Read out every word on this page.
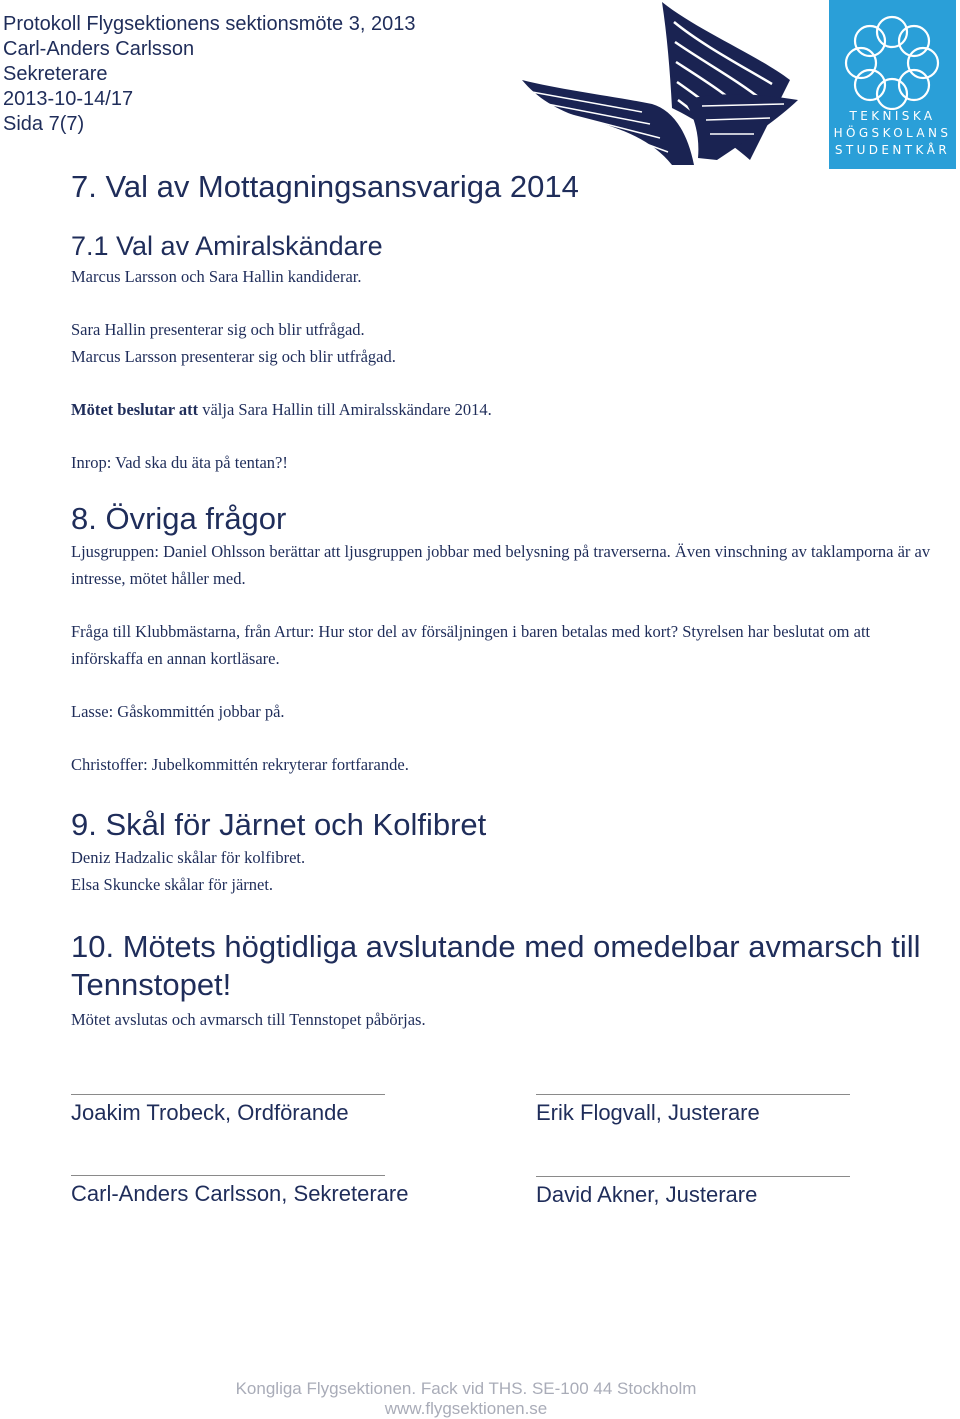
Protokoll Flygsektionens sektionsmöte 3, 2013
Carl-Anders Carlsson
Sekreterare
2013-10-14/17
Sida 7(7)	TEKNISKA
HÖGSKOLANS
STUDENTKÅR
7. Val av Mottagningsansvariga 2014
7.1 Val av Amiralskändare

Marcus Larsson och Sara Hallin kandiderar.

Sara Hallin presenterar sig och blir utfrågad.

Marcus Larsson presenterar sig och blir utfrågad.

Mötet beslutar att välja Sara Hallin till Amiralsskändare 2014.

Inrop: Vad ska du äta på tentan?!

8. Övriga frågor

Ljusgruppen: Daniel Ohlsson berättar att ljusgruppen jobbar med belysning på traverserna. Även vinschning av taklamporna är av intresse, mötet håller med.

Fråga till Klubbmästarna, från Artur: Hur stor del av försäljningen i baren betalas med kort? Styrelsen har beslutat om att införskaffa en annan kortläsare.

Lasse: Gåskommittén jobbar på.

Christoffer: Jubelkommittén rekryterar fortfarande.

9. Skål för Järnet och Kolfibret

Deniz Hadzalic skålar för kolfibret.

Elsa Skuncke skålar för järnet.

10. Mötets högtidliga avslutande med omedelbar avmarsch till Tennstopet!

Mötet avslutas och avmarsch till Tennstopet påbörjas.

Joakim Trobeck, Ordförande	Erik Flogvall, Justerare
Carl-Anders Carlsson, Sekreterare	David Akner, Justerare
Kongliga Flygsektionen. Fack vid THS. SE-100 44 Stockholm
www.flygsektionen.se
